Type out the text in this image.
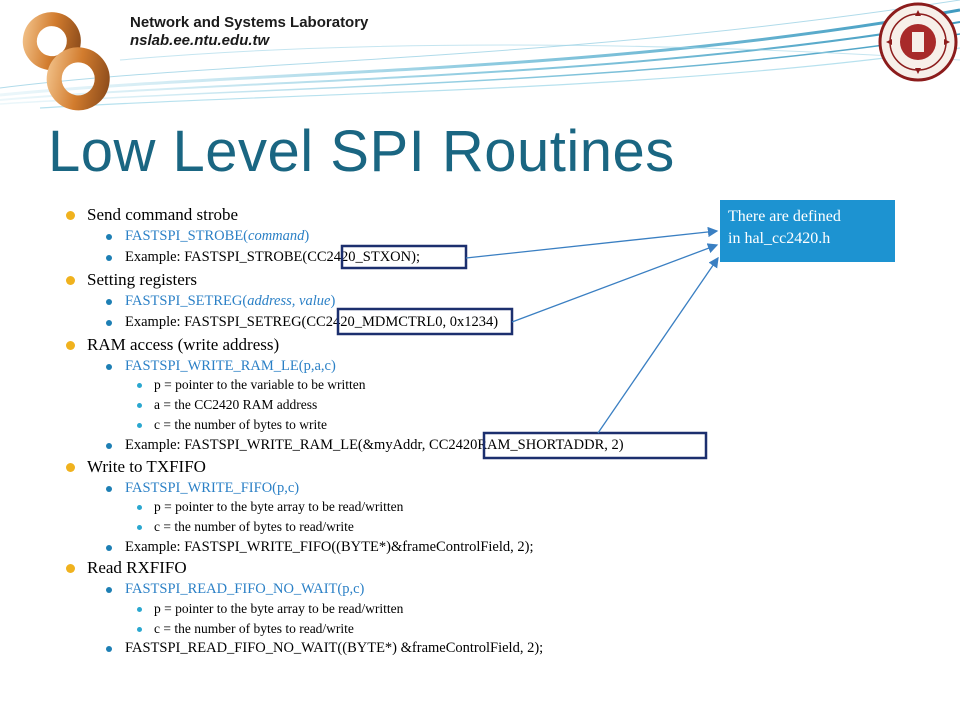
Network and Systems Laboratory
nslab.ee.ntu.edu.tw
Low Level SPI Routines
Send command strobe
FASTSPI_STROBE(command)
Example: FASTSPI_STROBE(CC2420_STXON);
Setting registers
FASTSPI_SETREG(address, value)
Example: FASTSPI_SETREG(CC2420_MDMCTRL0, 0x1234)
RAM access (write address)
FASTSPI_WRITE_RAM_LE(p,a,c)
p = pointer to the variable to be written
a = the CC2420 RAM address
c = the number of bytes to write
Example: FASTSPI_WRITE_RAM_LE(&myAddr, CC2420RAM_SHORTADDR, 2)
Write to TXFIFO
FASTSPI_WRITE_FIFO(p,c)
p = pointer to the byte array to be read/written
c = the number of bytes to read/write
Example: FASTSPI_WRITE_FIFO((BYTE*)&frameControlField, 2);
Read RXFIFO
FASTSPI_READ_FIFO_NO_WAIT(p,c)
p = pointer to the byte array to be read/written
c = the number of bytes to read/write
FASTSPI_READ_FIFO_NO_WAIT((BYTE*) &frameControlField, 2);
There are defined
in hal_cc2420.h
